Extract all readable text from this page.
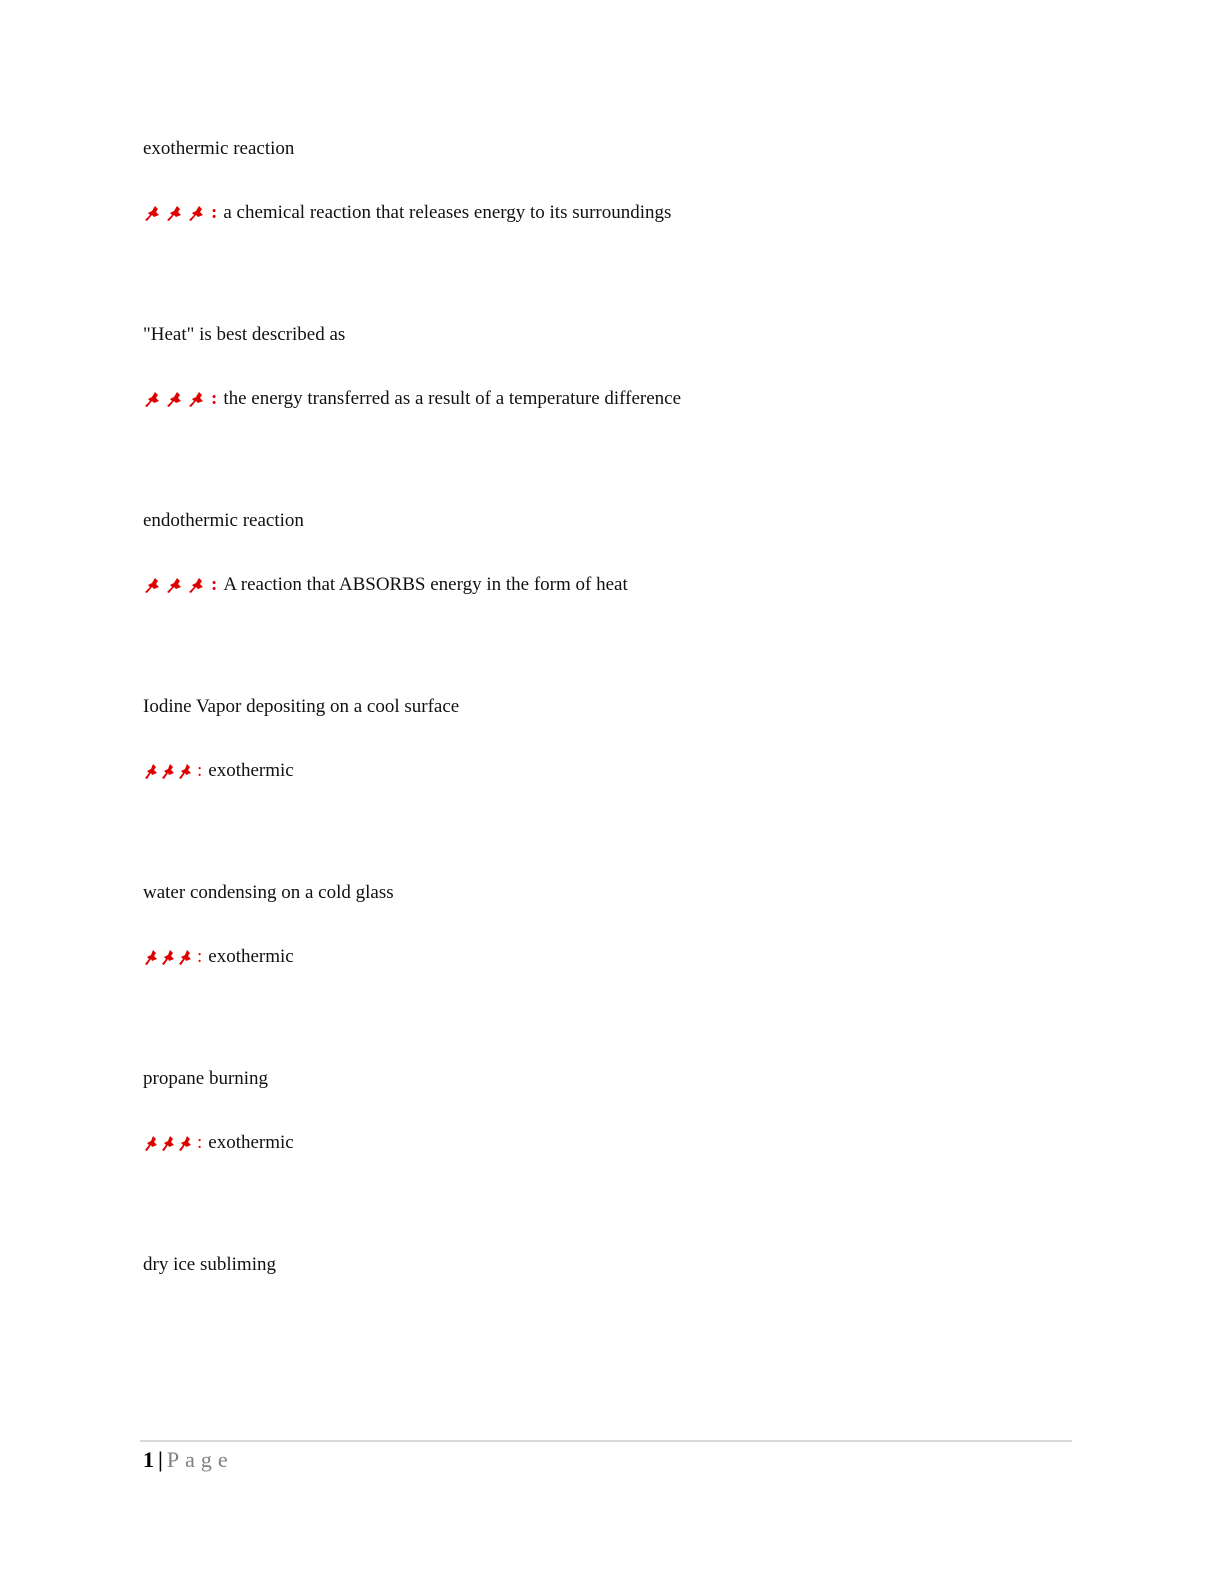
exothermic reaction
: a chemical reaction that releases energy to its surroundings
"Heat" is best described as
: the energy transferred as a result of a temperature difference
endothermic reaction
: A reaction that ABSORBS energy in the form of heat
Iodine Vapor depositing on a cool surface
: exothermic
water condensing on a cold glass
: exothermic
propane burning
: exothermic
dry ice subliming
1 | Page
